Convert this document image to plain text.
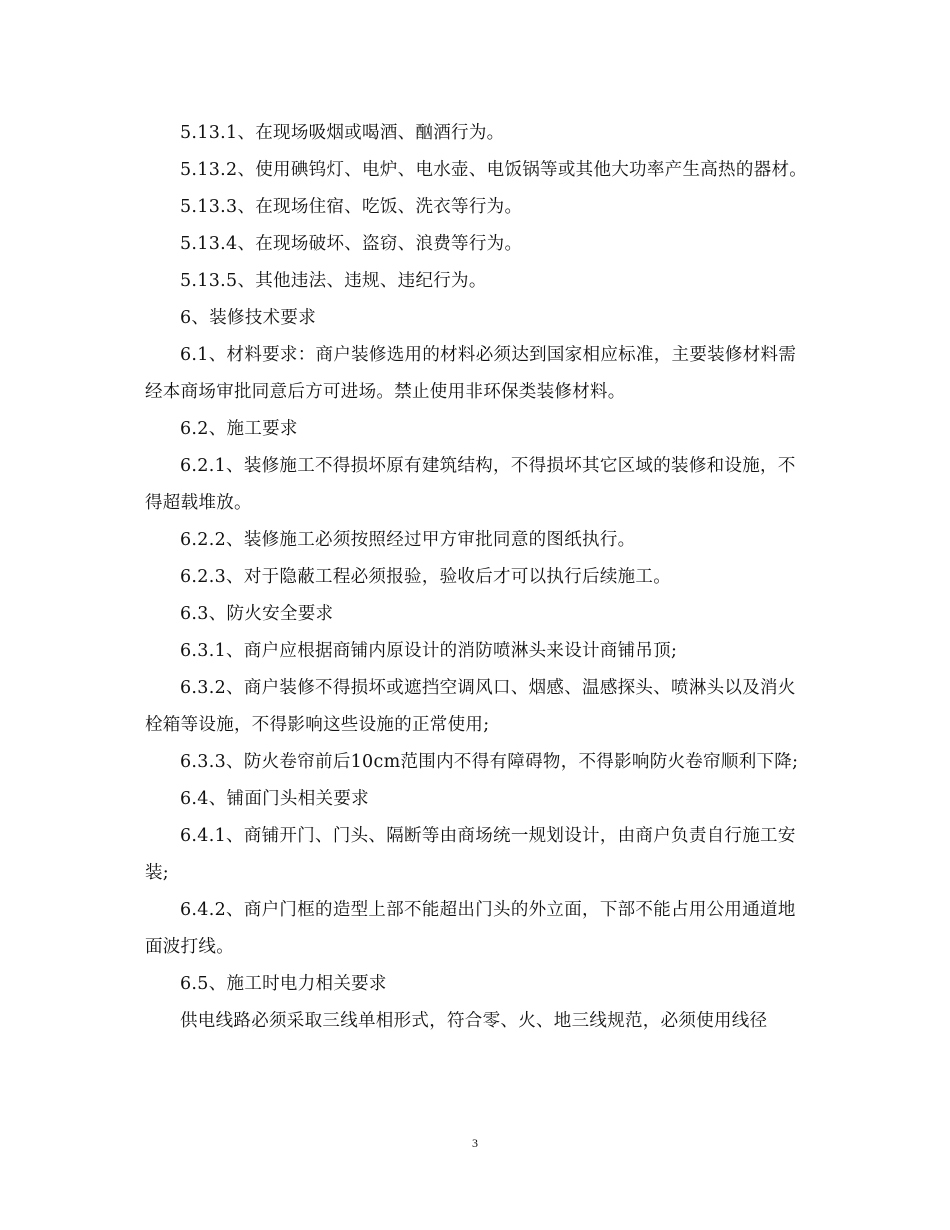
5.13.1、在现场吸烟或喝酒、酗酒行为。

5.13.2、使用碘钨灯、电炉、电水壶、电饭锅等或其他大功率产生高热的器材。

5.13.3、在现场住宿、吃饭、洗衣等行为。

5.13.4、在现场破坏、盗窃、浪费等行为。

5.13.5、其他违法、违规、违纪行为。

6、装修技术要求

6.1、材料要求：商户装修选用的材料必须达到国家相应标准，主要装修材料需经本商场审批同意后方可进场。禁止使用非环保类装修材料。

6.2、施工要求

6.2.1、装修施工不得损坏原有建筑结构，不得损坏其它区域的装修和设施，不得超载堆放。

6.2.2、装修施工必须按照经过甲方审批同意的图纸执行。

6.2.3、对于隐蔽工程必须报验，验收后才可以执行后续施工。

6.3、防火安全要求

6.3.1、商户应根据商铺内原设计的消防喷淋头来设计商铺吊顶;

6.3.2、商户装修不得损坏或遮挡空调风口、烟感、温感探头、喷淋头以及消火栓箱等设施，不得影响这些设施的正常使用;

6.3.3、防火卷帘前后10cm范围内不得有障碍物，不得影响防火卷帘顺利下降;

6.4、铺面门头相关要求

6.4.1、商铺开门、门头、隔断等由商场统一规划设计，由商户负责自行施工安装;

6.4.2、商户门框的造型上部不能超出门头的外立面，下部不能占用公用通道地面波打线。

6.5、施工时电力相关要求

供电线路必须采取三线单相形式，符合零、火、地三线规范，必须使用线径

3
